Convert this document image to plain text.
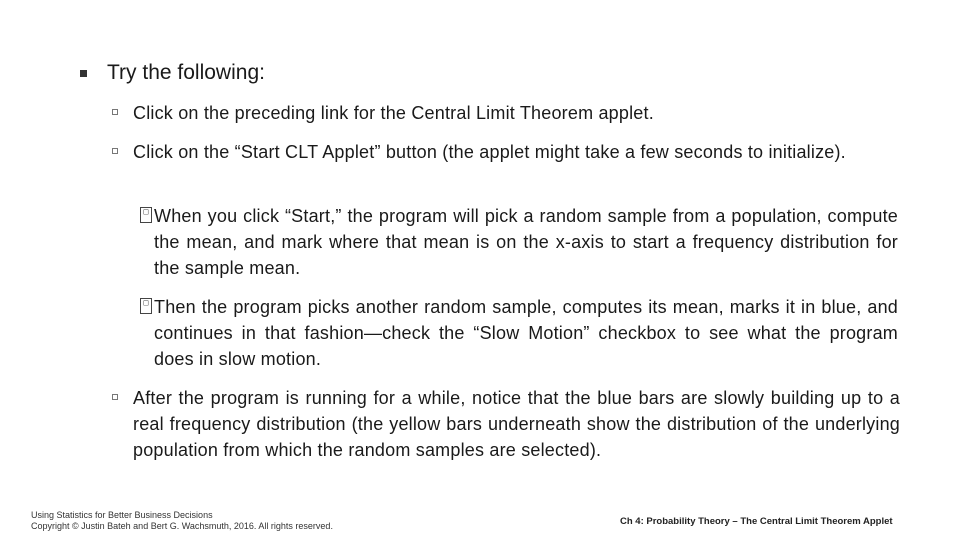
Try the following:
Click on the preceding link for the Central Limit Theorem applet.
Click on the “Start CLT Applet” button (the applet might take a few seconds to initialize).
□ When you click “Start,” the program will pick a random sample from a population, compute the mean, and mark where that mean is on the x-axis to start a frequency distribution for the sample mean.
□ Then the program picks another random sample, computes its mean, marks it in blue, and continues in that fashion—check the “Slow Motion” checkbox to see what the program does in slow motion.
After the program is running for a while, notice that the blue bars are slowly building up to a real frequency distribution (the yellow bars underneath show the distribution of the underlying population from which the random samples are selected).
Using Statistics for Better Business Decisions
Copyright © Justin Bateh and Bert G. Wachsmuth, 2016. All rights reserved.	Ch 4: Probability Theory – The Central Limit Theorem Applet
